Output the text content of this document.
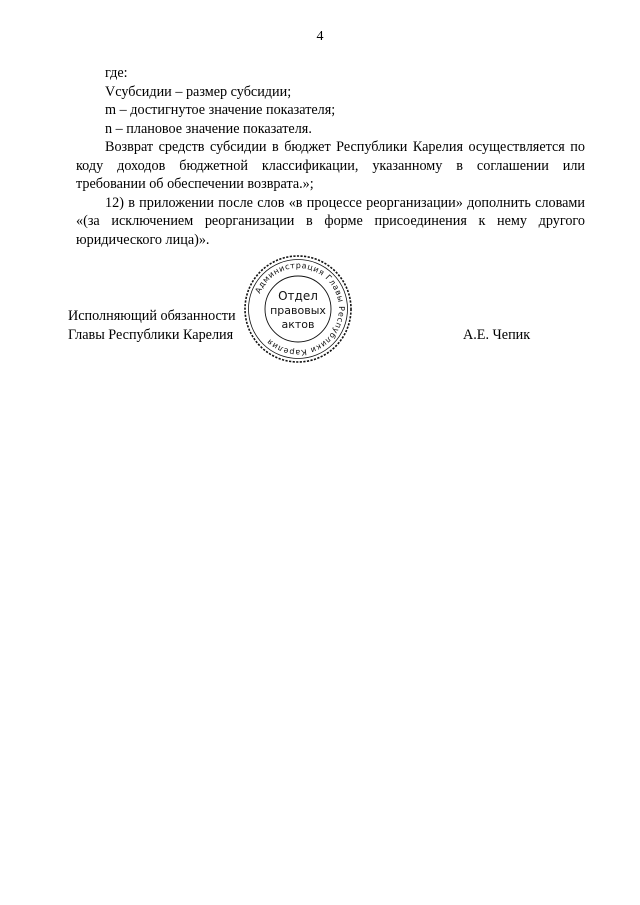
4

где:

Vсубсидии – размер субсидии;

m – достигнутое значение показателя;

n – плановое значение показателя.

Возврат средств субсидии в бюджет Республики Карелия осуществляется по коду доходов бюджетной классификации, указанному в соглашении или требовании об обеспечении возврата.»;

12) в приложении после слов «в процессе реорганизации» дополнить словами «(за исключением реорганизации в форме присоединения к нему другого юридического лица)».

Исполняющий обязанности
Главы Республики Карелия	А.Е. Чепик
Администрация Главы Республики Карелия
Отдел
правовых
актов
